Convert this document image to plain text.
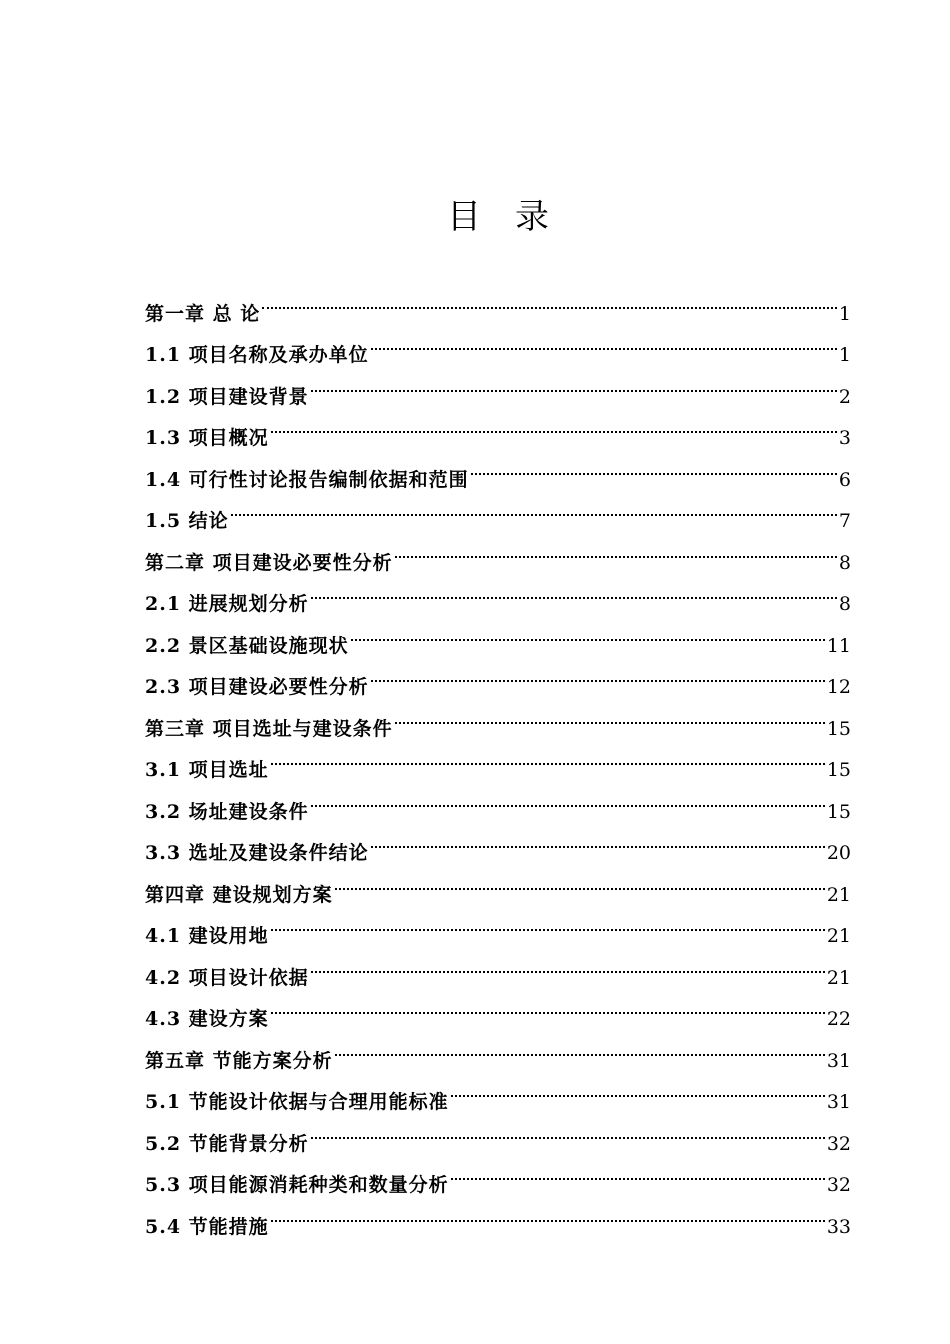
目 录
第一章 总 论	1
1.1 项目名称及承办单位	1
1.2 项目建设背景	2
1.3 项目概况	3
1.4 可行性讨论报告编制依据和范围	6
1.5 结论	7
第二章 项目建设必要性分析	8
2.1 进展规划分析	8
2.2 景区基础设施现状	11
2.3 项目建设必要性分析	12
第三章 项目选址与建设条件	15
3.1 项目选址	15
3.2 场址建设条件	15
3.3 选址及建设条件结论	20
第四章 建设规划方案	21
4.1 建设用地	21
4.2 项目设计依据	21
4.3 建设方案	22
第五章 节能方案分析	31
5.1 节能设计依据与合理用能标准	31
5.2 节能背景分析	32
5.3 项目能源消耗种类和数量分析	32
5.4 节能措施	33
